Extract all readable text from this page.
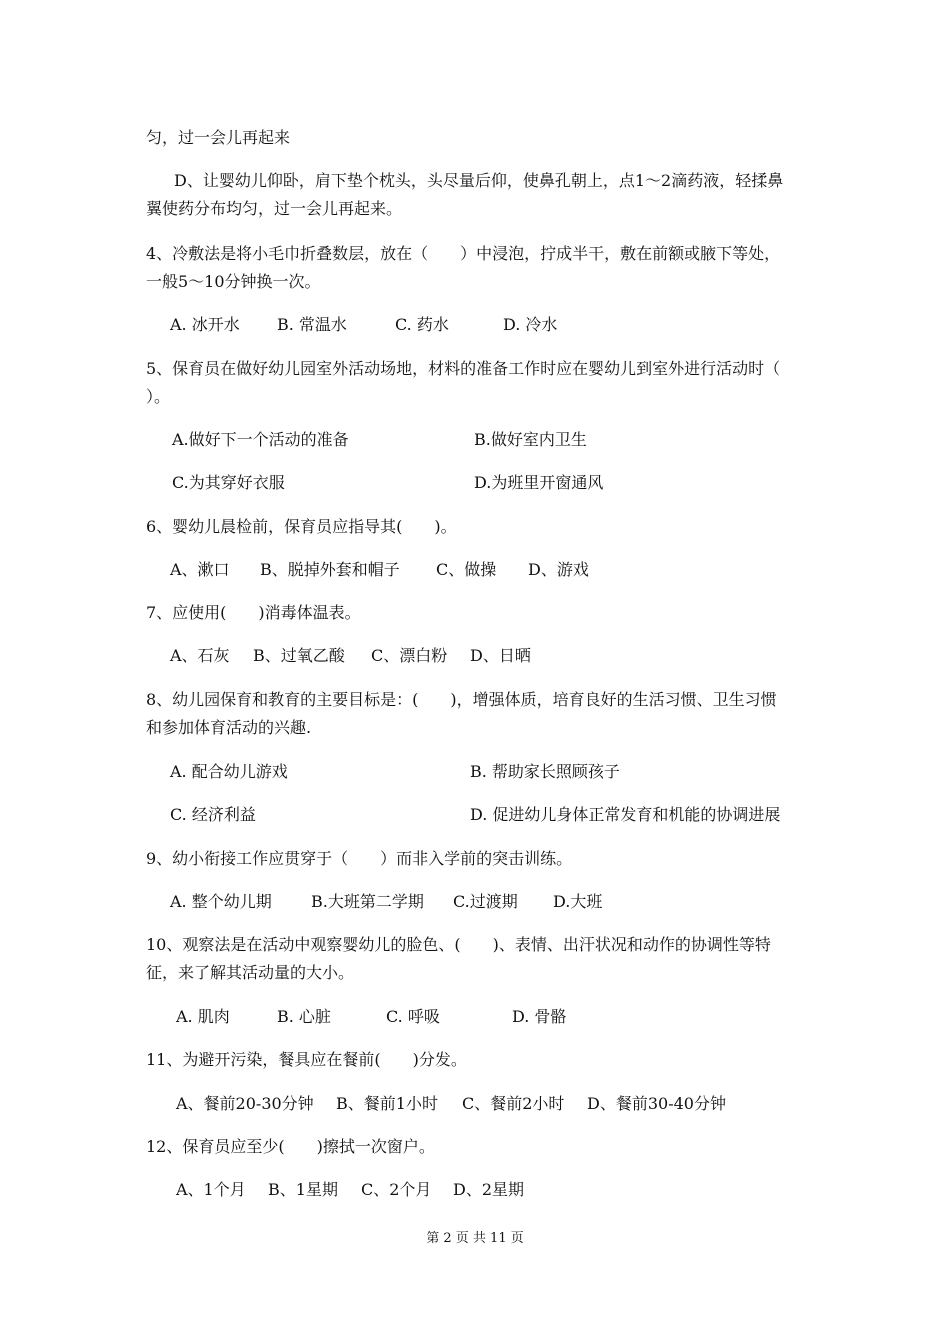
匀，过一会儿再起来
D、让婴幼儿仰卧，肩下垫个枕头，头尽量后仰，使鼻孔朝上，点1～2滴药液，轻揉鼻
翼使药分布均匀，过一会儿再起来。
4、冷敷法是将小毛巾折叠数层，放在（　　）中浸泡，拧成半干，敷在前额或腋下等处，
一般5～10分钟换一次。
A. 冰开水 B. 常温水	C. 药水	D. 冷水
5、保育员在做好幼儿园室外活动场地，材料的准备工作时应在婴幼儿到室外进行活动时（
）。
A.做好下一个活动的准备	B.做好室内卫生
C.为其穿好衣服	D.为班里开窗通风
6、婴幼儿晨检前，保育员应指导其(　　)。
A、漱口 B、脱掉外套和帽子 C、做操 D、游戏
7、应使用(　　)消毒体温表。
A、石灰 B、过氧乙酸 C、漂白粉 D、日晒
8、幼儿园保育和教育的主要目标是：(　　)，增强体质，培育良好的生活习惯、卫生习惯
和参加体育活动的兴趣.
A. 配合幼儿游戏	B. 帮助家长照顾孩子
C. 经济利益	D. 促进幼儿身体正常发育和机能的协调进展
9、幼小衔接工作应贯穿于（　　）而非入学前的突击训练。
A. 整个幼儿期 B.大班第二学期 C.过渡期 D.大班
10、观察法是在活动中观察婴幼儿的脸色、(　　)、表情、出汗状况和动作的协调性等特
征，来了解其活动量的大小。
A. 肌肉	B. 心脏	C. 呼吸	D. 骨骼
11、为避开污染，餐具应在餐前(　　)分发。
A、餐前20-30分钟 B、餐前1小时 C、餐前2小时 D、餐前30-40分钟
12、保育员应至少(　　)擦拭一次窗户。
A、1个月 B、1星期 C、2个月 D、2星期
第 2 页 共 11 页
